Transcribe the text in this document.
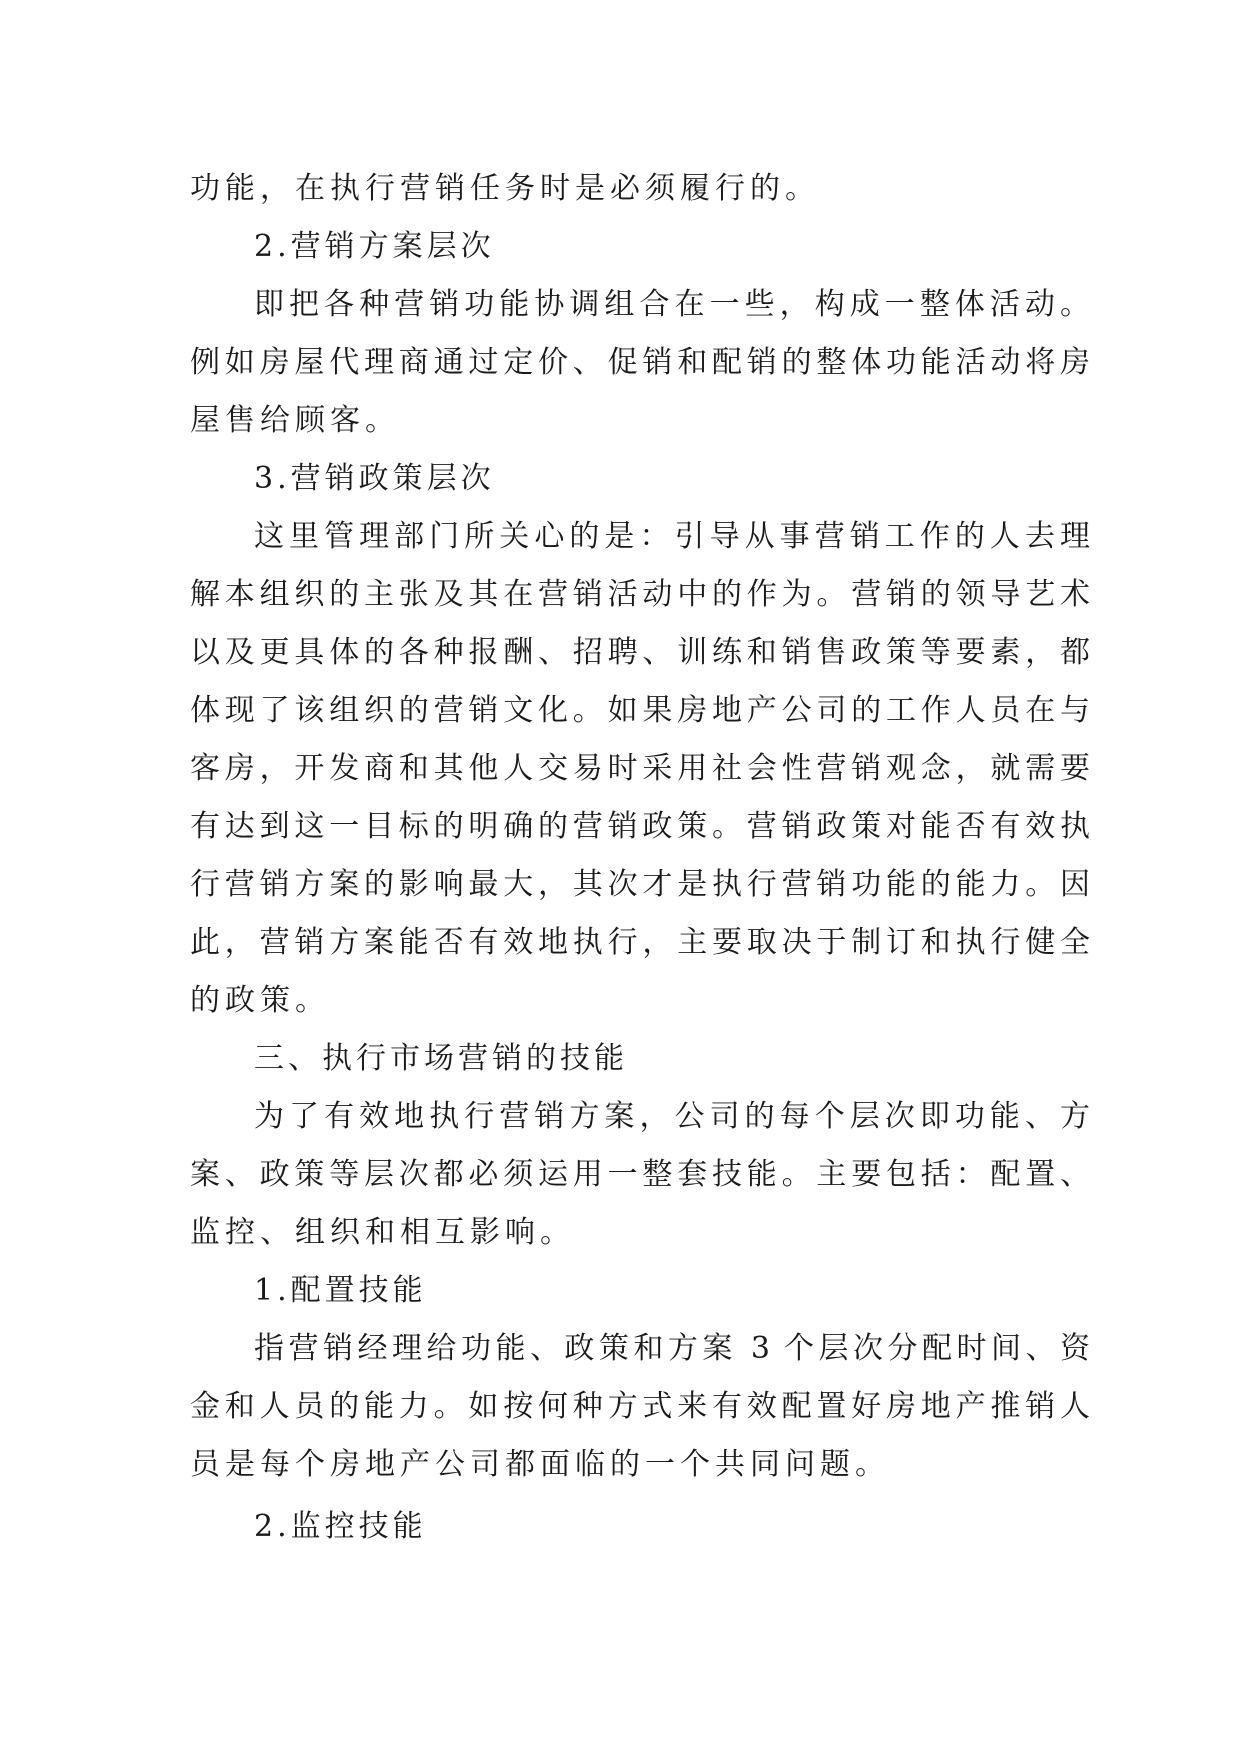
功能，在执行营销任务时是必须履行的。
2.营销方案层次
即把各种营销功能协调组合在一些，构成一整体活动。
例如房屋代理商通过定价、促销和配销的整体功能活动将房
屋售给顾客。
3.营销政策层次
这里管理部门所关心的是：引导从事营销工作的人去理
解本组织的主张及其在营销活动中的作为。营销的领导艺术
以及更具体的各种报酬、招聘、训练和销售政策等要素，都
体现了该组织的营销文化。如果房地产公司的工作人员在与
客房，开发商和其他人交易时采用社会性营销观念，就需要
有达到这一目标的明确的营销政策。营销政策对能否有效执
行营销方案的影响最大，其次才是执行营销功能的能力。因
此，营销方案能否有效地执行，主要取决于制订和执行健全
的政策。
三、执行市场营销的技能
为了有效地执行营销方案，公司的每个层次即功能、方
案、政策等层次都必须运用一整套技能。主要包括：配置、
监控、组织和相互影响。
1.配置技能
指营销经理给功能、政策和方案 3 个层次分配时间、资
金和人员的能力。如按何种方式来有效配置好房地产推销人
员是每个房地产公司都面临的一个共同问题。
2.监控技能
